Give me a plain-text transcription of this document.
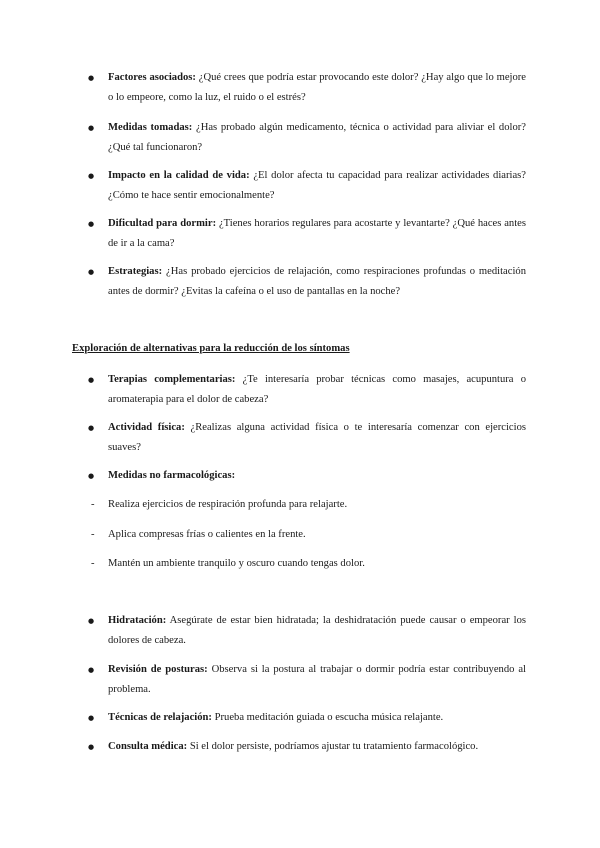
● Factores asociados: ¿Qué crees que podría estar provocando este dolor? ¿Hay algo que lo mejore o lo empeore, como la luz, el ruido o el estrés?

● Medidas tomadas: ¿Has probado algún medicamento, técnica o actividad para aliviar el dolor? ¿Qué tal funcionaron?

● Impacto en la calidad de vida: ¿El dolor afecta tu capacidad para realizar actividades diarias?¿Cómo te hace sentir emocionalmente?

● Dificultad para dormir: ¿Tienes horarios regulares para acostarte y levantarte? ¿Qué haces antes de ir a la cama?

● Estrategias: ¿Has probado ejercicios de relajación, como respiraciones profundas o meditación antes de dormir? ¿Evitas la cafeína o el uso de pantallas en la noche?

Exploración de alternativas para la reducción de los síntomas

● Terapias complementarias: ¿Te interesaría probar técnicas como masajes, acupuntura o aromaterapia para el dolor de cabeza?

● Actividad física: ¿Realizas alguna actividad física o te interesaría comenzar con ejercicios suaves?

● Medidas no farmacológicas:

- Realiza ejercicios de respiración profunda para relajarte.

- Aplica compresas frías o calientes en la frente.

- Mantén un ambiente tranquilo y oscuro cuando tengas dolor.

● Hidratación: Asegúrate de estar bien hidratada; la deshidratación puede causar o empeorar los dolores de cabeza.

● Revisión de posturas: Observa si la postura al trabajar o dormir podría estar contribuyendo al problema.

● Técnicas de relajación: Prueba meditación guiada o escucha música relajante.

● Consulta médica: Si el dolor persiste, podríamos ajustar tu tratamiento farmacológico.
